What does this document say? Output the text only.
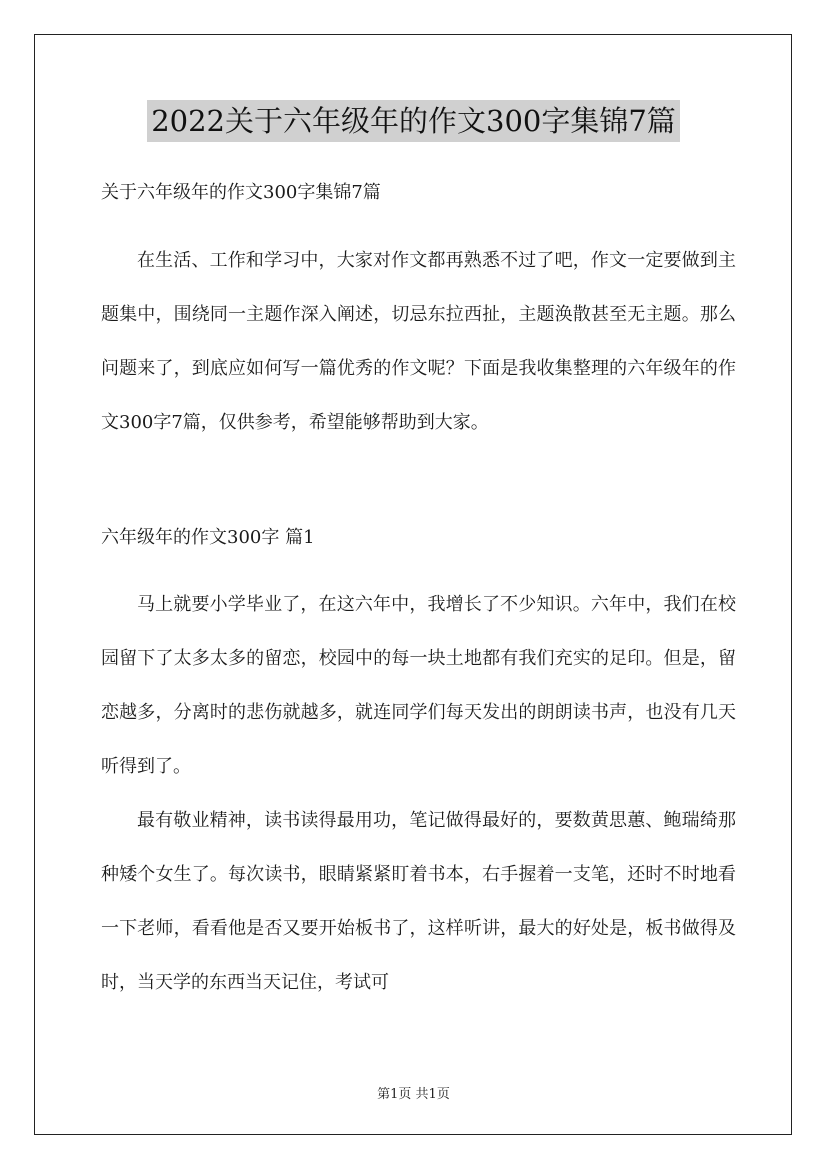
2022关于六年级年的作文300字集锦7篇

关于六年级年的作文300字集锦7篇

在生活、工作和学习中，大家对作文都再熟悉不过了吧，作文一定要做到主题集中，围绕同一主题作深入阐述，切忌东拉西扯，主题涣散甚至无主题。那么问题来了，到底应如何写一篇优秀的作文呢？下面是我收集整理的六年级年的作文300字7篇，仅供参考，希望能够帮助到大家。

六年级年的作文300字 篇1

马上就要小学毕业了，在这六年中，我增长了不少知识。六年中，我们在校园留下了太多太多的留恋，校园中的每一块土地都有我们充实的足印。但是，留恋越多，分离时的悲伤就越多，就连同学们每天发出的朗朗读书声，也没有几天听得到了。

最有敬业精神，读书读得最用功，笔记做得最好的，要数黄思蕙、鲍瑞绮那种矮个女生了。每次读书，眼睛紧紧盯着书本，右手握着一支笔，还时不时地看一下老师，看看他是否又要开始板书了，这样听讲，最大的好处是，板书做得及时，当天学的东西当天记住，考试可

第1页 共1页
